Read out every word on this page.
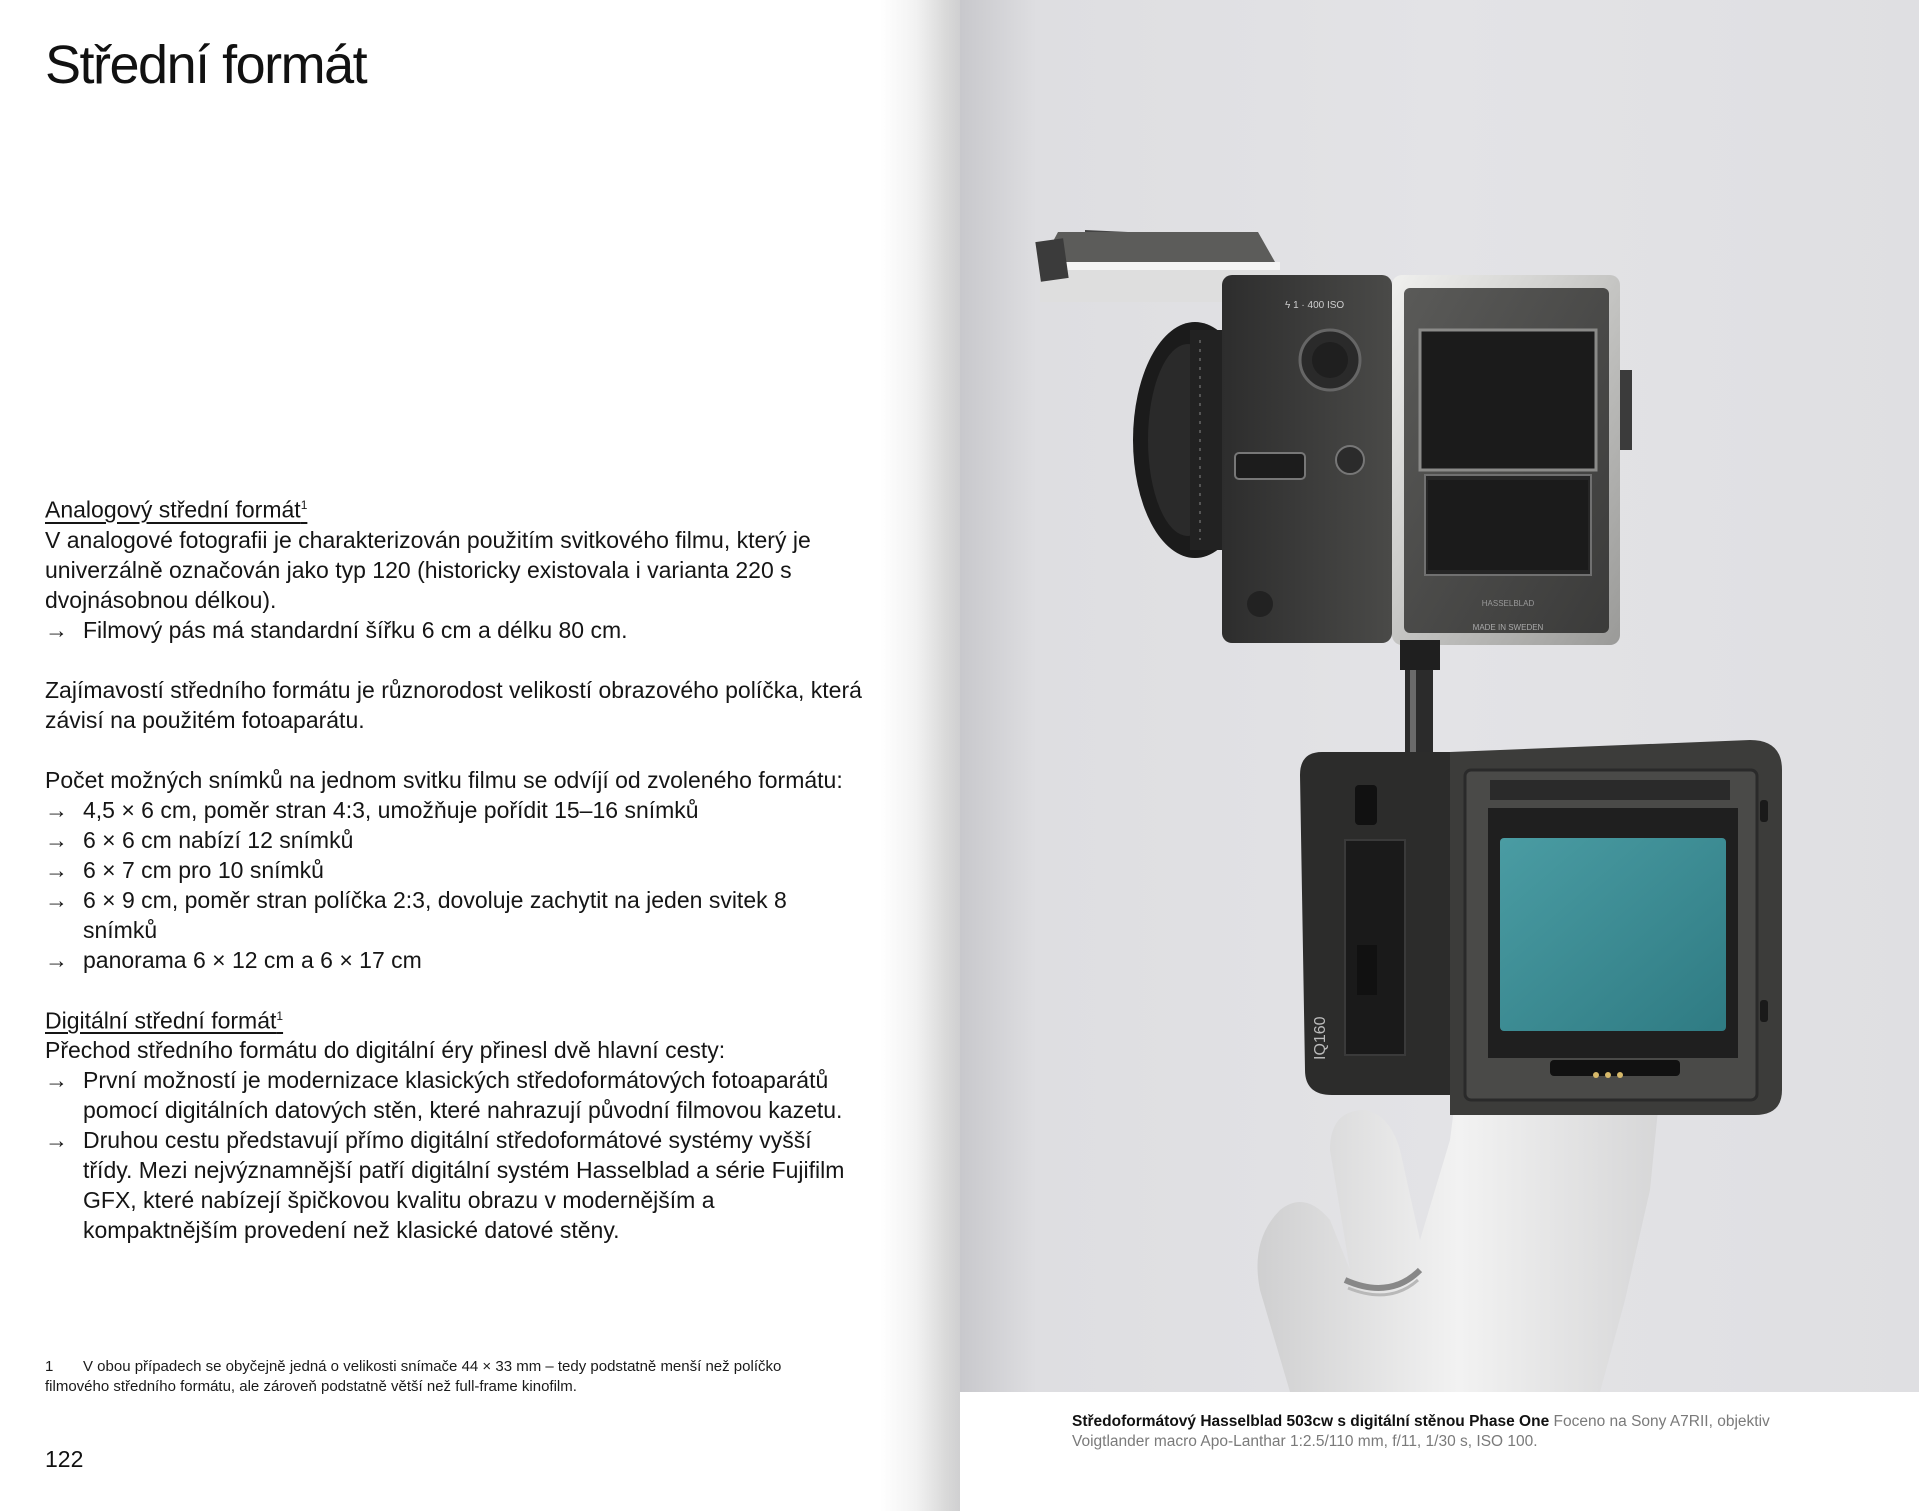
Střední formát
Analogový střední formát$^1$

V analogové fotografii je charakterizován použitím svitkového filmu, který je univerzálně označován jako typ 120 (historicky existovala i varianta 220 s dvojnásobnou délkou).

→ Filmový pás má standardní šířku 6 cm a délku 80 cm.

Zajímavostí středního formátu je různorodost velikostí obrazového políčka, která závisí na použitém fotoaparátu.

Počet možných snímků na jednom svitku filmu se odvíjí od zvoleného formátu:

→ 4,5 × 6 cm, poměr stran 4:3, umožňuje pořídit 15–16 snímků
→ 6 × 6 cm nabízí 12 snímků
→ 6 × 7 cm pro 10 snímků
→ 6 × 9 cm, poměr stran políčka 2:3, dovoluje zachytit na jeden svitek 8 snímků
→ panorama 6 × 12 cm a 6 × 17 cm
Digitální střední formát$^1$

Přechod středního formátu do digitální éry přinesl dvě hlavní cesty:

→ První možností je modernizace klasických středoformátových fotoaparátů pomocí digitálních datových stěn, které nahrazují původní filmovou kazetu.
→ Druhou cestu představují přímo digitální středoformátové systémy vyšší třídy. Mezi nejvýznamnější patří digitální systém Hasselblad a série Fujifilm GFX, které nabízejí špičkovou kvalitu obrazu v modernějším a kompaktnějším provedení než klasické datové stěny.
1 V obou případech se obyčejně jedná o velikosti snímače 44 × 33 mm – tedy podstatně menší než políčko filmového středního formátu, ale zároveň podstatně větší než full-frame kinofilm.
122
ϟ 1 · 400 ISO
MADE IN SWEDEN
HASSELBLAD
IQ160
Středoformátový Hasselblad 503cw s digitální stěnou Phase One Foceno na Sony A7RII, objektiv Voigtlander macro Apo-Lanthar 1:2.5/110 mm, f/11, 1/30 s, ISO 100.
